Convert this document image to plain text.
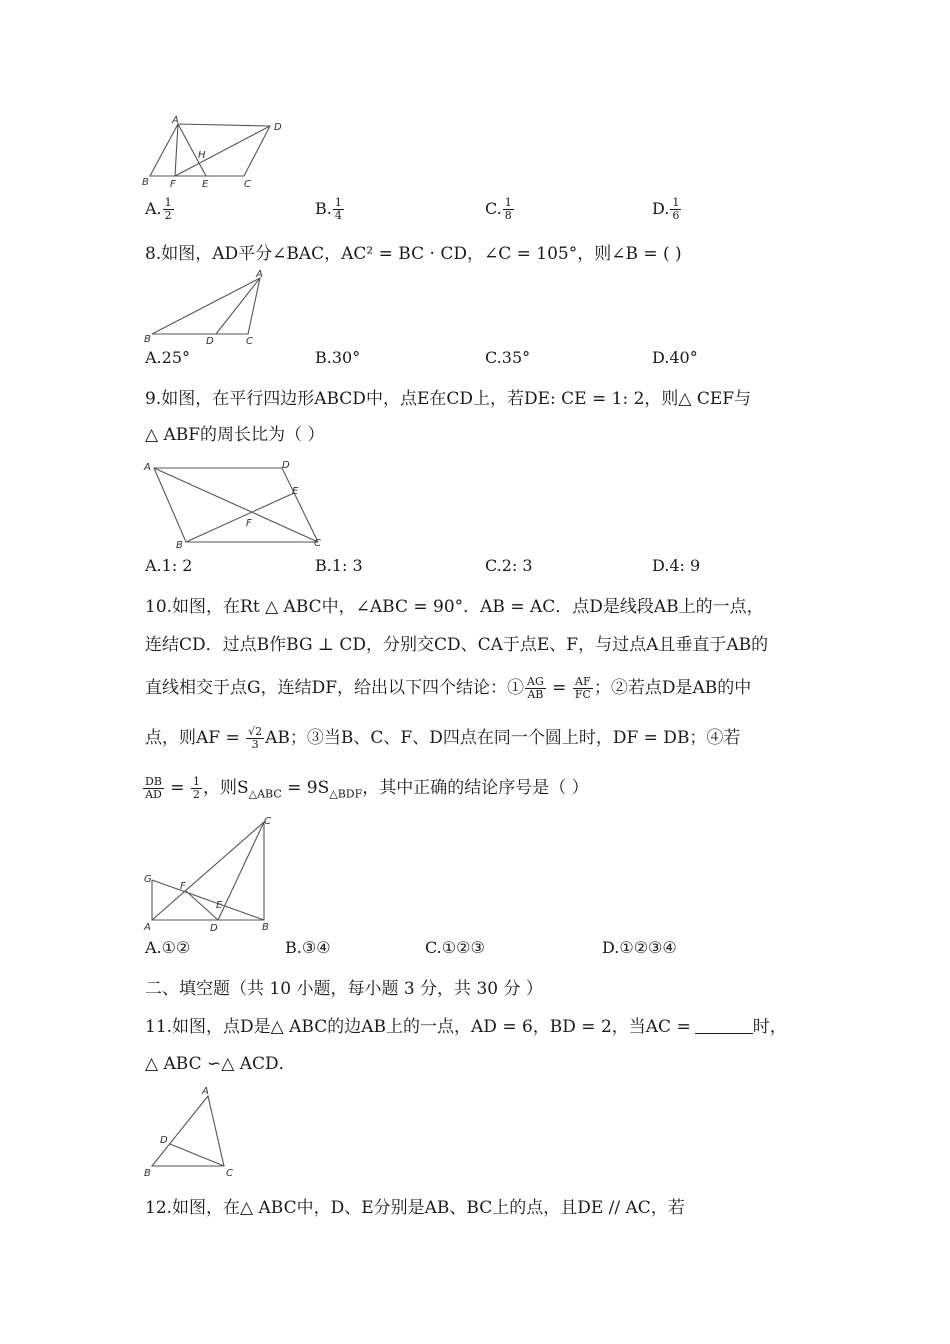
A
D
H
B F	E	C
A. $\frac{1}{2}$	B. $\frac{1}{4}$	C. $\frac{1}{8}$	D. $\frac{1}{6}$
8.如图，AD平分∠BAC，AC² = BC · CD，∠C = 105°，则∠B = ( )
A
B	D	C
A.25°	B.30°	C.35°	D.40°
9.如图，在平行四边形ABCD中，点E在CD上，若DE: CE = 1: 2，则△ CEF与
△ ABF的周长比为（ ）
A	D
E
F
B	C
A.1: 2	B.1: 3	C.2: 3	D.4: 9
10.如图，在Rt △ ABC中，∠ABC = 90°．AB = AC．点D是线段AB上的一点，
连结CD．过点B作BG ⊥ CD，分别交CD、CA于点E、F，与过点A且垂直于AB的
直线相交于点G，连结DF，给出以下四个结论：① $\frac{AG}{AB} = \frac{AF}{FC}$ ；②若点D是AB的中
点，则AF = $\frac{√2}{3}$ AB；③当B、C、F、D四点在同一个圆上时，DF = DB；④若
$\frac{DB}{AD} = \frac{1}{2}$ ，则$S_{\triangle ABC} = 9S_{\triangle BDF}$，其中正确的结论序号是（ ）
C
G
F
E
A	D	B
A.①②	B.③④	C.①②③	D.①②③④
二、填空题（共 10 小题，每小题 3 分，共 30 分 ）
11.如图，点D是△ ABC的边AB上的一点，AD = 6，BD = 2，当AC =	时，
△ ABC ∽△ ACD．
A
D
B	C
12.如图，在△ ABC中，D、E分别是AB、BC上的点，且DE // AC，若
